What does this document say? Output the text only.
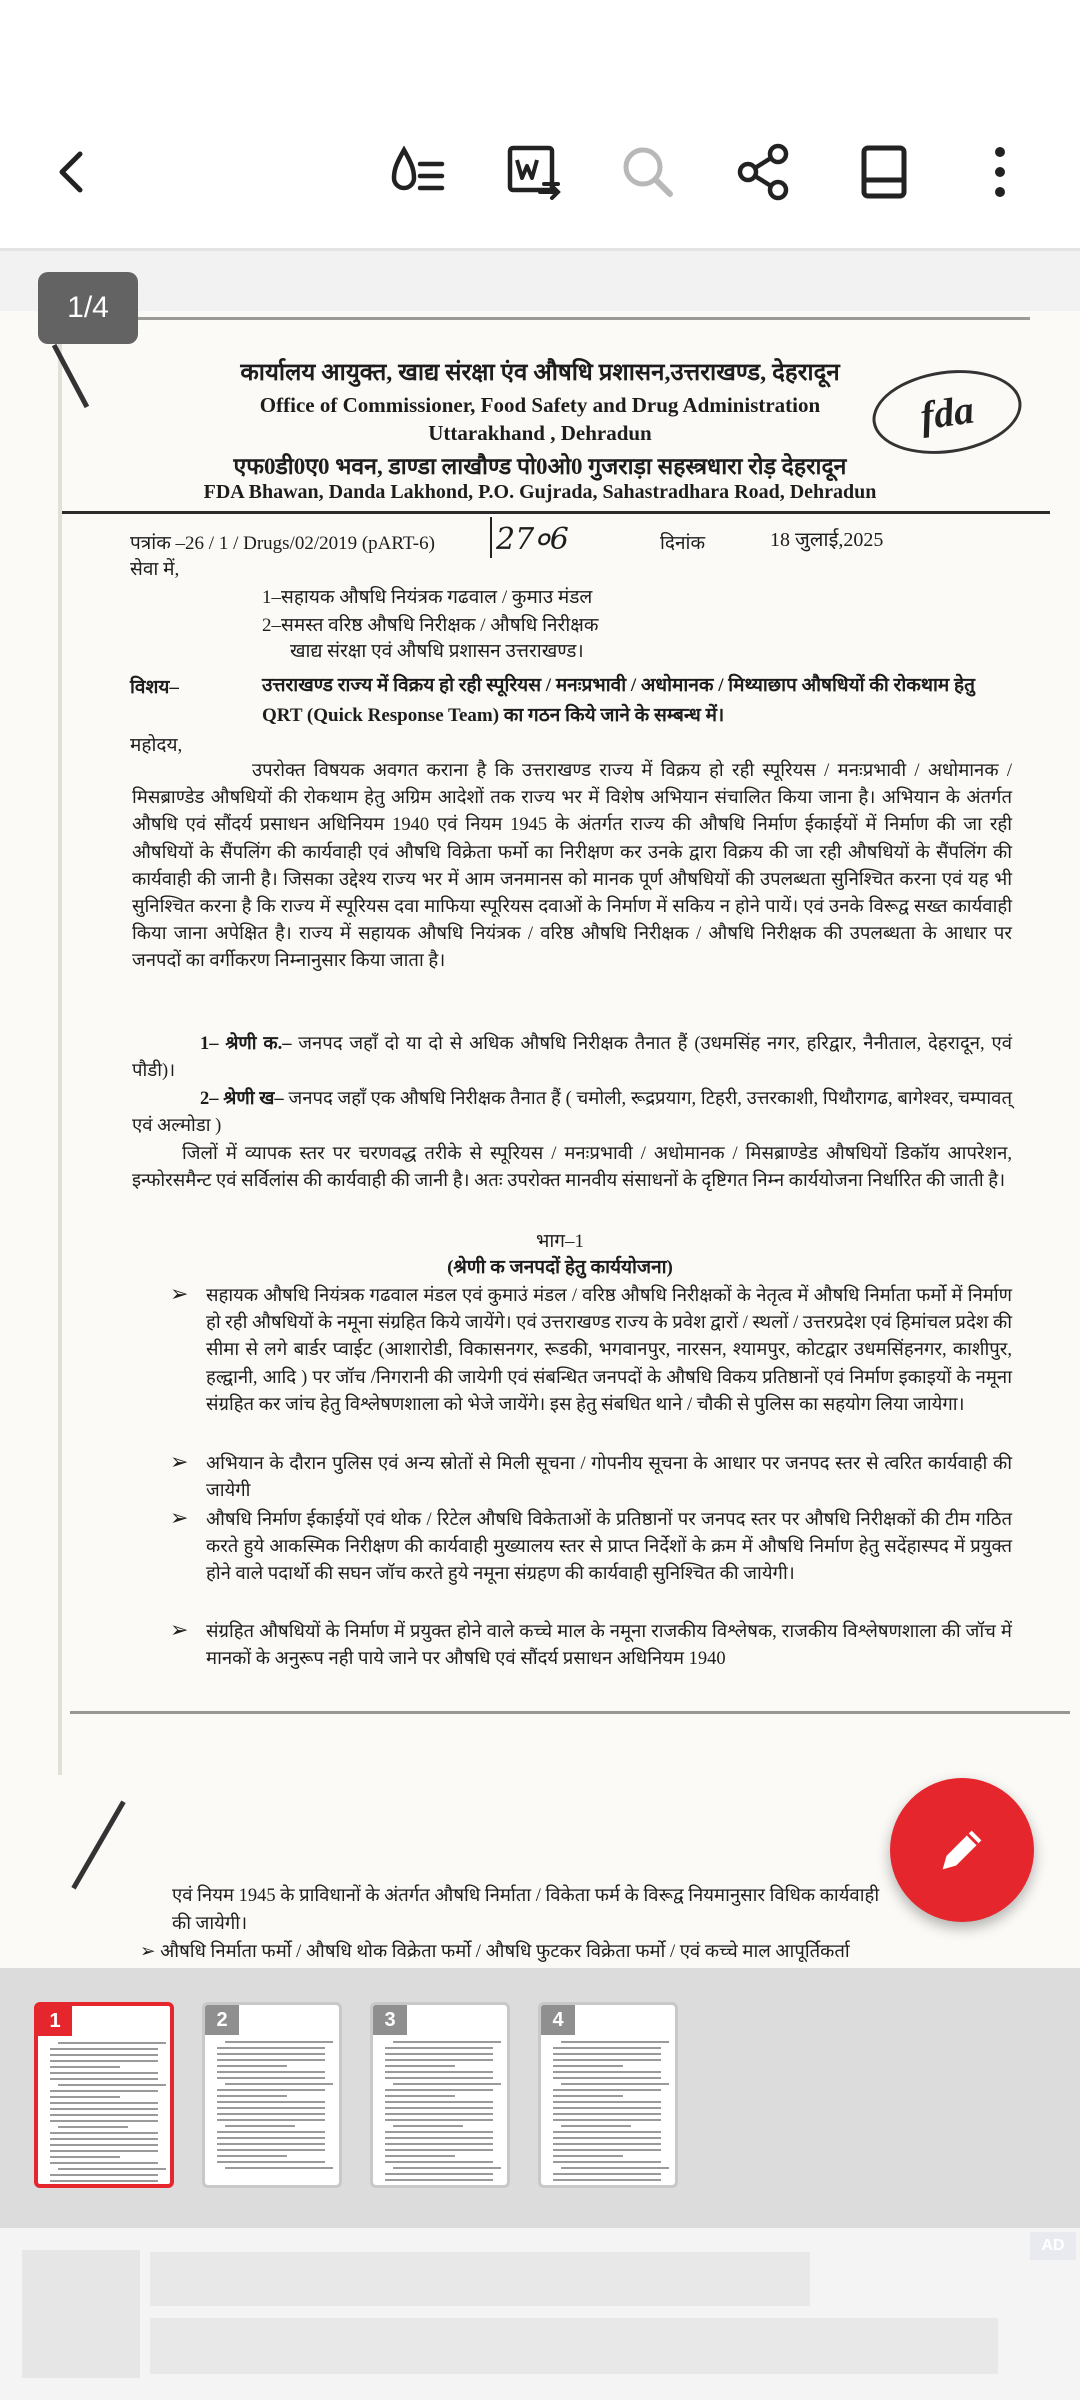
कार्यालय आयुक्त, खाद्य संरक्षा एंव औषधि प्रशासन,उत्तराखण्ड, देहरादून
Office of Commissioner, Food Safety and Drug Administration
Uttarakhand , Dehradun
एफ0डी0ए0 भवन, डाण्डा लाखौण्ड पो0ओ0 गुजराड़ा सहस्त्रधारा रोड़ देहरादून
FDA Bhawan, Danda Lakhond, P.O. Gujrada, Sahastradhara Road, Dehradun
fda
पत्रांक –26 / 1 / Drugs/02/2019 (pART-6) 27०6	दिनांक	18 जुलाई,2025
सेवा में,
1–सहायक औषधि नियंत्रक गढवाल / कुमाउ मंडल
2–समस्त वरिष्ठ औषधि निरीक्षक / औषधि निरीक्षक
खाद्य संरक्षा एवं औषधि प्रशासन उत्तराखण्ड।
विशय–	उत्तराखण्ड राज्य में विक्रय हो रही स्पूरियस / मनःप्रभावी / अधोमानक / मिथ्याछाप औषधियों की रोकथाम हेतु QRT (Quick Response Team) का गठन किये जाने के सम्बन्ध में।
महोदय,
उपरोक्त विषयक अवगत कराना है कि उत्तराखण्ड राज्य में विक्रय हो रही स्पूरियस / मनःप्रभावी / अधोमानक / मिसब्राण्डेड औषधियों की रोकथाम हेतु अग्रिम आदेशों तक राज्य भर में विशेष अभियान संचालित किया जाना है। अभियान के अंतर्गत औषधि एवं सौंदर्य प्रसाधन अधिनियम 1940 एवं नियम 1945 के अंतर्गत राज्य की औषधि निर्माण ईकाईयों में निर्माण की जा रही औषधियों के सैंपलिंग की कार्यवाही एवं औषधि विक्रेता फर्मो का निरीक्षण कर उनके द्वारा विक्रय की जा रही औषधियों के सैंपलिंग की कार्यवाही की जानी है। जिसका उद्देश्य राज्य भर में आम जनमानस को मानक पूर्ण औषधियों की उपलब्धता सुनिश्चित करना एवं यह भी सुनिश्चित करना है कि राज्य में स्पूरियस दवा माफिया स्पूरियस दवाओं के निर्माण में सकिय न होने पायें। एवं उनके विरूद्व सख्त कार्यवाही किया जाना अपेक्षित है। राज्य में सहायक औषधि नियंत्रक / वरिष्ठ औषधि निरीक्षक / औषधि निरीक्षक की उपलब्धता के आधार पर जनपदों का वर्गीकरण निम्नानुसार किया जाता है।
1– श्रेणी क.– जनपद जहॉं दो या दो से अधिक औषधि निरीक्षक तैनात हैं (उधमसिंह नगर, हरिद्वार, नैनीताल, देहरादून, एवं पौडी)।
2– श्रेणी ख– जनपद जहॉं एक औषधि निरीक्षक तैनात हैं ( चमोली, रूद्रप्रयाग, टिहरी, उत्तरकाशी, पिथौरागढ, बागेश्वर, चम्पावत् एवं अल्मोडा )
जिलों में व्यापक स्तर पर चरणवद्ध तरीके से स्पूरियस / मनःप्रभावी / अधोमानक / मिसब्राण्डेड औषधियों डिकॉय आपरेशन, इन्फोरसमैन्ट एवं सर्विलांस की कार्यवाही की जानी है। अतः उपरोक्त मानवीय संसाधनों के दृष्टिगत निम्न कार्ययोजना निर्धारित की जाती है।
भाग–1
(श्रेणी क जनपदों हेतु कार्ययोजना)
➢ सहायक औषधि नियंत्रक गढवाल मंडल एवं कुमाउं मंडल / वरिष्ठ औषधि निरीक्षकों के नेतृत्व में औषधि निर्माता फर्मो में निर्माण हो रही औषधियों के नमूना संग्रहित किये जायेंगे। एवं उत्तराखण्ड राज्य के प्रवेश द्वारों / स्थलों / उत्तरप्रदेश एवं हिमांचल प्रदेश की सीमा से लगे बार्डर प्वाईट (आशारोडी, विकासनगर, रूडकी, भगवानपुर, नारसन, श्यामपुर, कोटद्वार उधमसिंहनगर, काशीपुर, हल्द्वानी, आदि ) पर जॉच /निगरानी की जायेगी एवं संबन्धित जनपदों के औषधि विकय प्रतिष्ठानों एवं निर्माण इकाइयों के नमूना संग्रहित कर जांच हेतु विश्लेषणशाला को भेजे जायेंगे। इस हेतु संबधित थाने / चौकी से पुलिस का सहयोग लिया जायेगा।
➢ अभियान के दौरान पुलिस एवं अन्य स्रोतों से मिली सूचना / गोपनीय सूचना के आधार पर जनपद स्तर से त्वरित कार्यवाही की जायेगी
➢ औषधि निर्माण ईकाईयों एवं थोक / रिटेल औषधि विकेताओं के प्रतिष्ठानों पर जनपद स्तर पर औषधि निरीक्षकों की टीम गठित करते हुये आकस्मिक निरीक्षण की कार्यवाही मुख्यालय स्तर से प्राप्त निर्देशों के क्रम में औषधि निर्माण हेतु सदेंहास्पद में प्रयुक्त होने वाले पदार्थो की सघन जॉच करते हुये नमूना संग्रहण की कार्यवाही सुनिश्चित की जायेगी।
➢ संग्रहित औषधियों के निर्माण में प्रयुक्त होने वाले कच्चे माल के नमूना राजकीय विश्लेषक, राजकीय विश्लेषणशाला की जॉच में मानकों के अनुरूप नही पाये जाने पर औषधि एवं सौंदर्य प्रसाधन अधिनियम 1940
एवं नियम 1945 के प्राविधानों के अंतर्गत औषधि निर्माता / विकेता फर्म के विरूद्व नियमानुसार विधिक कार्यवाही
की जायेगी।
➢ औषधि निर्माता फर्मो / औषधि थोक विक्रेता फर्मो / औषधि फुटकर विक्रेता फर्मो / एवं कच्चे माल आपूर्तिकर्ता
1/4
1	2	3	4
AD
